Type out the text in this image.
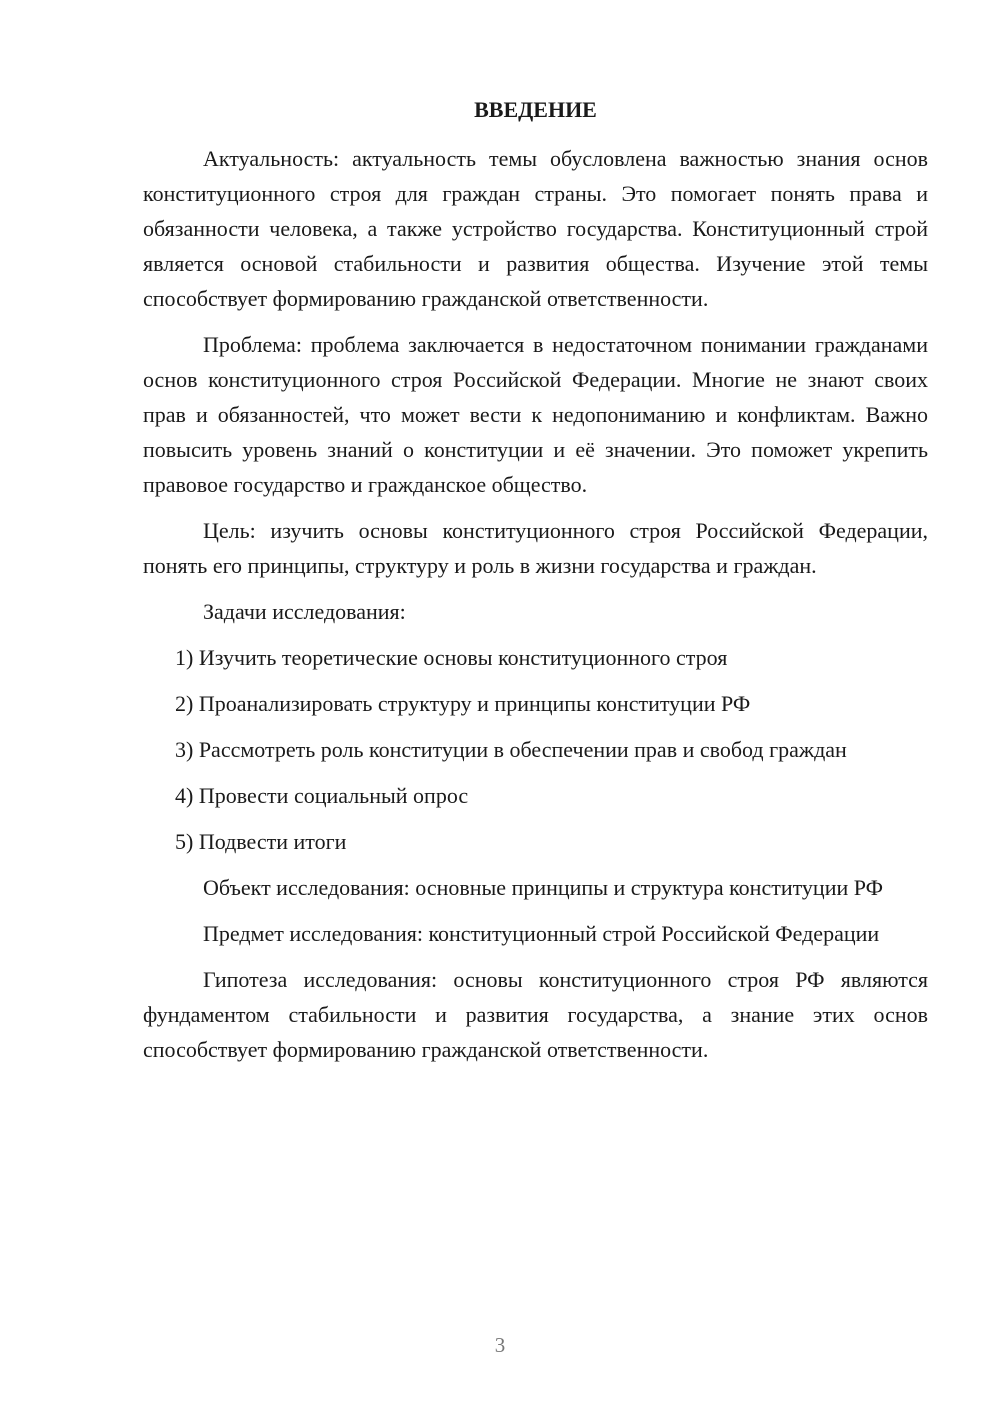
ВВЕДЕНИЕ

Актуальность: актуальность темы обусловлена важностью знания основ конституционного строя для граждан страны. Это помогает понять права и обязанности человека, а также устройство государства. Конституционный строй является основой стабильности и развития общества. Изучение этой темы способствует формированию гражданской ответственности.

Проблема: проблема заключается в недостаточном понимании гражданами основ конституционного строя Российской Федерации. Многие не знают своих прав и обязанностей, что может вести к недопониманию и конфликтам. Важно повысить уровень знаний о конституции и её значении. Это поможет укрепить правовое государство и гражданское общество.

Цель: изучить основы конституционного строя Российской Федерации, понять его принципы, структуру и роль в жизни государства и граждан.

Задачи исследования:

1) Изучить теоретические основы конституционного строя

2) Проанализировать структуру и принципы конституции РФ

3) Рассмотреть роль конституции в обеспечении прав и свобод граждан

4) Провести социальный опрос

5) Подвести итоги

Объект исследования: основные принципы и структура конституции РФ

Предмет исследования: конституционный строй Российской Федерации

Гипотеза исследования: основы конституционного строя РФ являются фундаментом стабильности и развития государства, а знание этих основ способствует формированию гражданской ответственности.

3
